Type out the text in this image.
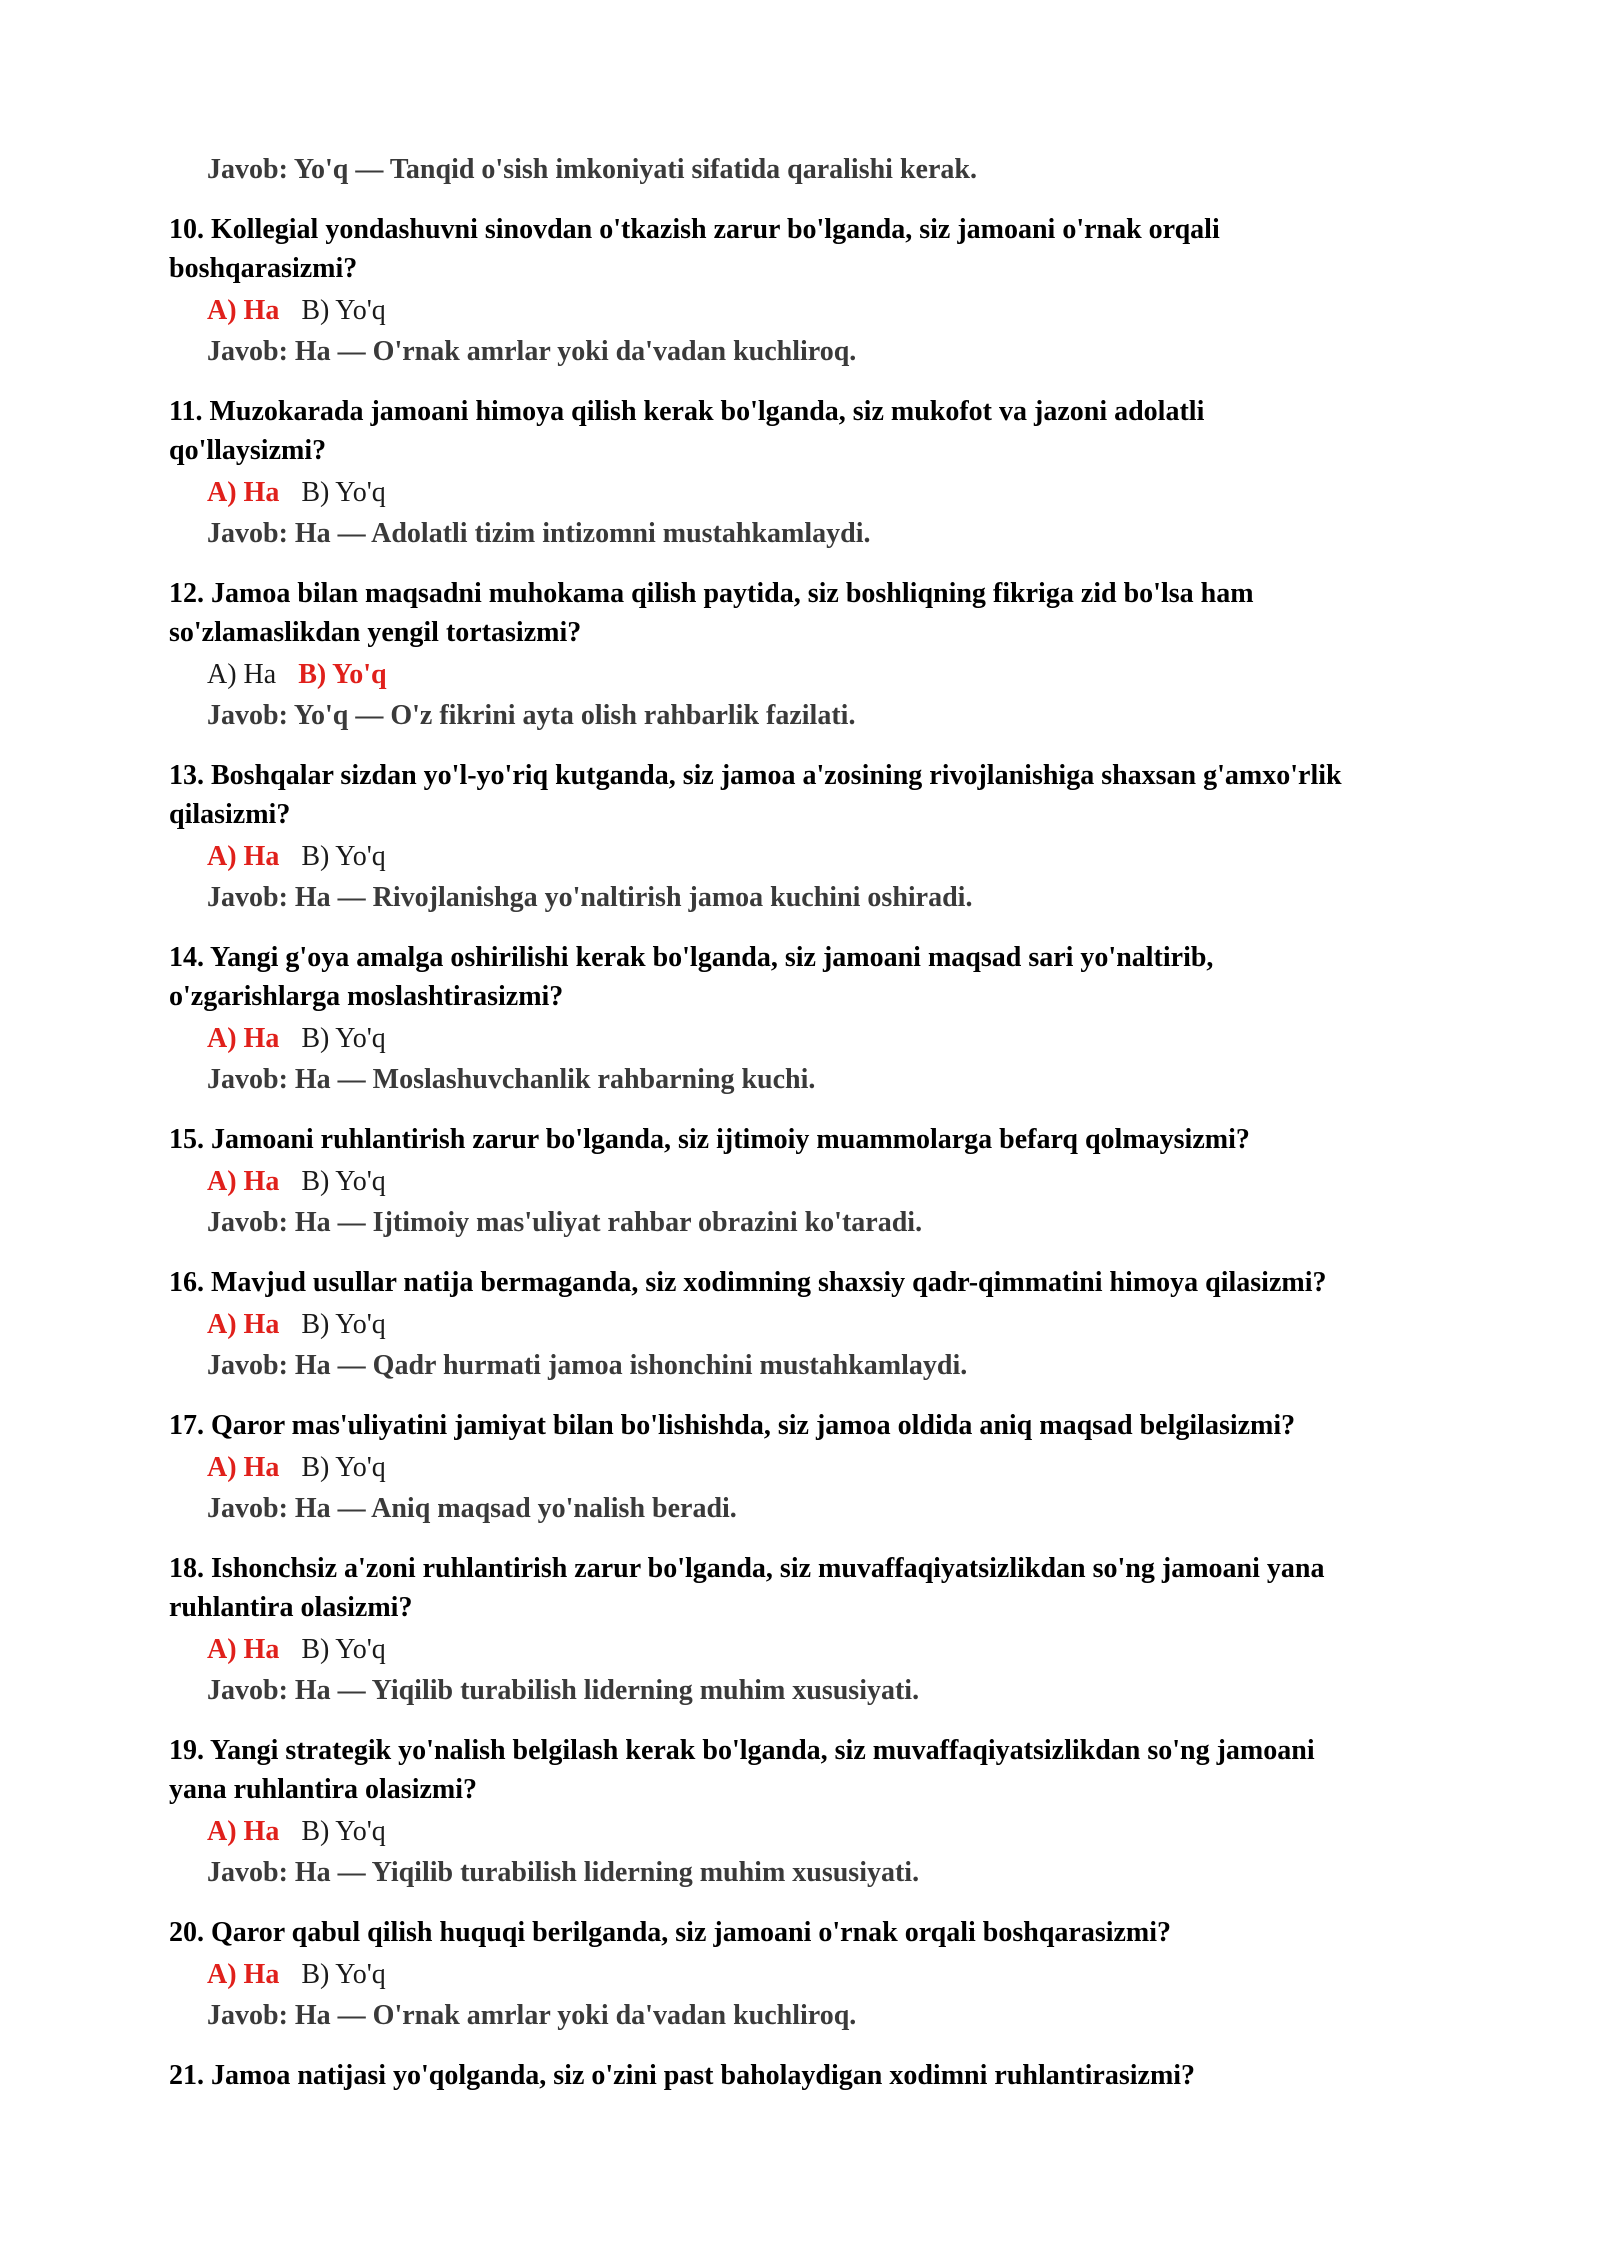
Javob: Yo'q — Tanqid o'sish imkoniyati sifatida qaralishi kerak.
10. Kollegial yondashuvni sinovdan o'tkazish zarur bo'lganda, siz jamoani o'rnak orqali
boshqarasizmi?
A) Ha B) Yo'q
Javob: Ha — O'rnak amrlar yoki da'vadan kuchliroq.
11. Muzokarada jamoani himoya qilish kerak bo'lganda, siz mukofot va jazoni adolatli
qo'llaysizmi?
A) Ha B) Yo'q
Javob: Ha — Adolatli tizim intizomni mustahkamlaydi.
12. Jamoa bilan maqsadni muhokama qilish paytida, siz boshliqning fikriga zid bo'lsa ham
so'zlamaslikdan yengil tortasizmi?
A) Ha B) Yo'q
Javob: Yo'q — O'z fikrini ayta olish rahbarlik fazilati.
13. Boshqalar sizdan yo'l-yo'riq kutganda, siz jamoa a'zosining rivojlanishiga shaxsan g'amxo'rlik
qilasizmi?
A) Ha B) Yo'q
Javob: Ha — Rivojlanishga yo'naltirish jamoa kuchini oshiradi.
14. Yangi g'oya amalga oshirilishi kerak bo'lganda, siz jamoani maqsad sari yo'naltirib,
o'zgarishlarga moslashtirasizmi?
A) Ha B) Yo'q
Javob: Ha — Moslashuvchanlik rahbarning kuchi.
15. Jamoani ruhlantirish zarur bo'lganda, siz ijtimoiy muammolarga befarq qolmaysizmi?
A) Ha B) Yo'q
Javob: Ha — Ijtimoiy mas'uliyat rahbar obrazini ko'taradi.
16. Mavjud usullar natija bermaganda, siz xodimning shaxsiy qadr-qimmatini himoya qilasizmi?
A) Ha B) Yo'q
Javob: Ha — Qadr hurmati jamoa ishonchini mustahkamlaydi.
17. Qaror mas'uliyatini jamiyat bilan bo'lishishda, siz jamoa oldida aniq maqsad belgilasizmi?
A) Ha B) Yo'q
Javob: Ha — Aniq maqsad yo'nalish beradi.
18. Ishonchsiz a'zoni ruhlantirish zarur bo'lganda, siz muvaffaqiyatsizlikdan so'ng jamoani yana
ruhlantira olasizmi?
A) Ha B) Yo'q
Javob: Ha — Yiqilib turabilish liderning muhim xususiyati.
19. Yangi strategik yo'nalish belgilash kerak bo'lganda, siz muvaffaqiyatsizlikdan so'ng jamoani
yana ruhlantira olasizmi?
A) Ha B) Yo'q
Javob: Ha — Yiqilib turabilish liderning muhim xususiyati.
20. Qaror qabul qilish huquqi berilganda, siz jamoani o'rnak orqali boshqarasizmi?
A) Ha B) Yo'q
Javob: Ha — O'rnak amrlar yoki da'vadan kuchliroq.
21. Jamoa natijasi yo'qolganda, siz o'zini past baholaydigan xodimni ruhlantirasizmi?
